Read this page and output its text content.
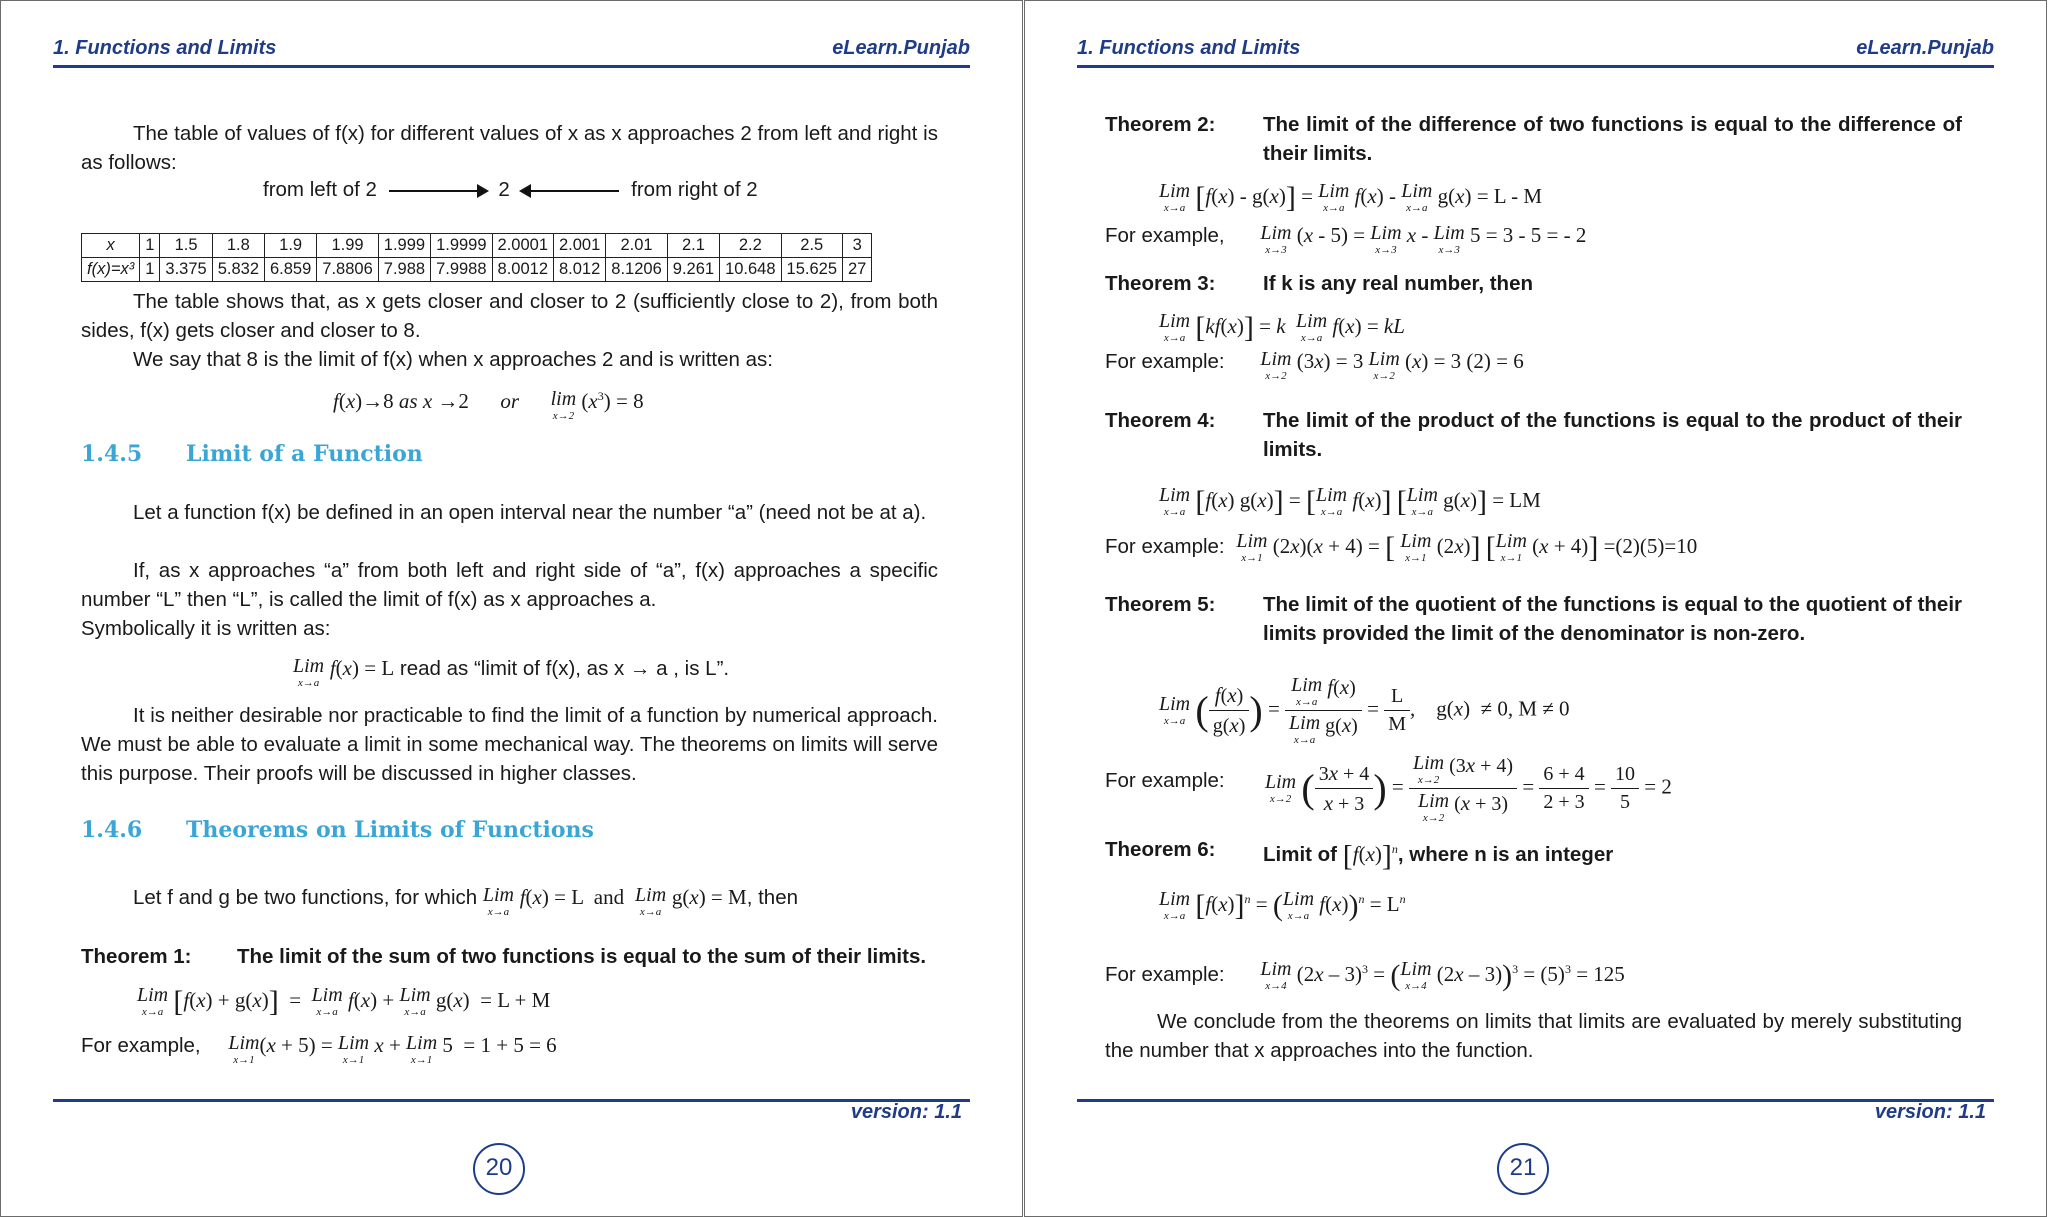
1. Functions and Limits	eLearn.Punjab
The table of values of f(x) for different values of x as x approaches 2 from left and right is as follows:
from left of 2	2	from right of 2
x	1	1.5	1.8	1.9	1.99	1.999	1.9999	2.0001	2.001	2.01	2.1	2.2	2.5	3
f(x)=x³	1	3.375	5.832	6.859	7.8806	7.988	7.9988	8.0012	8.012	8.1206	9.261	10.648	15.625	27
The table shows that, as x gets closer and closer to 2 (sufficiently close to 2), from both sides, f(x) gets closer and closer to 8.
We say that 8 is the limit of f(x) when x approaches 2 and is written as:
f(x)→8 as x →2      or lim
x→2
$(x^3) = 8$
1.4.5 Limit of a Function
Let a function f(x) be defined in an open interval near the number “a” (need not be at a).
If, as x approaches “a” from both left and right side of “a”, f(x) approaches a specific number “L” then “L”, is called the limit of f(x) as x approaches a.
Symbolically it is written as:
Lim
x→a
f(x) = L read as “limit of f(x), as x → a , is L”.
It is neither desirable nor practicable to find the limit of a function by numerical approach. We must be able to evaluate a limit in some mechanical way. The theorems on limits will serve this purpose. Their proofs will be discussed in higher classes.
1.4.6 Theorems on Limits of Functions
Let f and g be two functions, for which Lim
x→a
f(x) = L  and Lim
x→a
g(x) = M, then
Theorem 1: The limit of the sum of two functions is equal to the sum of their limits.
Lim
x→a [f(x) + g(x)]  = Lim
x→a
f(x) + Lim
x→a
g(x)  = L + M
For example, Lim
x→1
(x + 5) = Lim
x→1
x + Lim
x→1
5  = 1 + 5 = 6
version: 1.1
20
1. Functions and Limits	eLearn.Punjab
Theorem 2: The limit of the difference of two functions is equal to the difference of their limits.
Lim
x→a [f(x) - g(x)] = Lim
x→a
f(x) - Lim
x→a
g(x) = L - M
For example, Lim
x→3
(x - 5) = Lim
x→3
x - Lim
x→3
5 = 3 - 5 = - 2
Theorem 3: If k is any real number, then
Lim
x→a [kf(x)] = k Lim
x→a
f(x) = kL
For example: Lim
x→2
(3x) = 3 Lim
x→2
(x) = 3 (2) = 6
Theorem 4: The limit of the product of the functions is equal to the product of their limits.
Lim
x→a [f(x) g(x)] = [ Lim
x→a
f(x)] [ Lim
x→a
g(x)] = LM
For example: Lim
x→1
(2x)(x + 4) = [ Lim
x→1
(2x)] [ Lim
x→1
(x + 4)] =(2)(5)=10
Theorem 5: The limit of the quotient of the functions is equal to the quotient of their limits provided the limit of the denominator is non-zero.
Lim
x→a ( $\frac{f(x)}{g(x)}$ ) = Lim
x→a
f(x)
Lim
x→a
$g(x) = \frac{L}{M}$ ,    g(x)  ≠ 0, M ≠ 0
For example: Lim
x→2 ( $\frac{3x + 4}{x + 3}$ ) = Lim
x→2
(3x + 4)
Lim
x→2
$(x + 3) = \frac{6 + 4}{2 + 3} = \frac{10}{5} = 2$
Theorem 6: Limit of $[f(x)]^n$, where n is an integer
Lim
x→a $[f(x)]^n$ = ( Lim
x→a
$f(x))^n = L^n$
For example: Lim
x→4
(2x – 3)$^3$ = ( Lim
x→4
$(2x - 3))^3 = (5)^3 = 125$
We conclude from the theorems on limits that limits are evaluated by merely substituting the number that x approaches into the function.
version: 1.1
21
